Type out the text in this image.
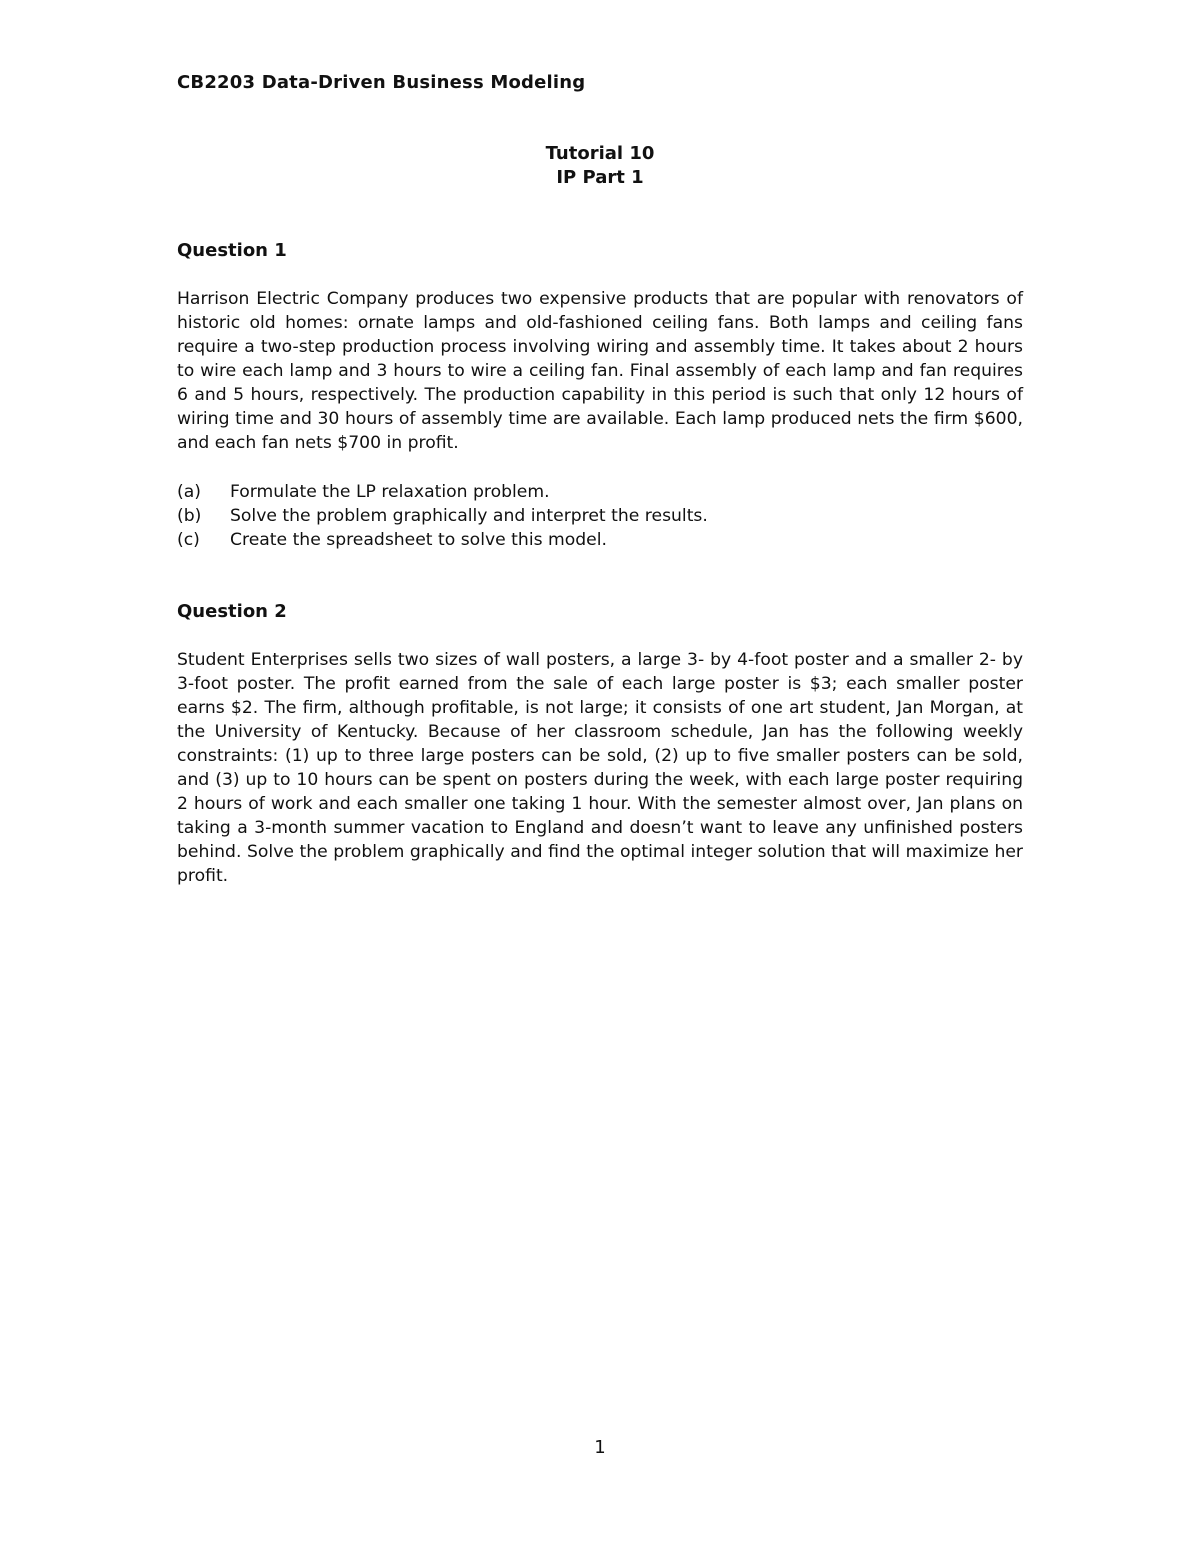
CB2203 Data-Driven Business Modeling
Tutorial 10
IP Part 1
Question 1
Harrison Electric Company produces two expensive products that are popular with renovators of historic old homes: ornate lamps and old-fashioned ceiling fans. Both lamps and ceiling fans require a two-step production process involving wiring and assembly time. It takes about 2 hours to wire each lamp and 3 hours to wire a ceiling fan. Final assembly of each lamp and fan requires 6 and 5 hours, respectively. The production capability in this period is such that only 12 hours of wiring time and 30 hours of assembly time are available. Each lamp produced nets the firm $600, and each fan nets $700 in profit.
(a)	Formulate the LP relaxation problem.
(b)	Solve the problem graphically and interpret the results.
(c)	Create the spreadsheet to solve this model.
Question 2
Student Enterprises sells two sizes of wall posters, a large 3- by 4-foot poster and a smaller 2- by 3-foot poster. The profit earned from the sale of each large poster is $3; each smaller poster earns $2. The firm, although profitable, is not large; it consists of one art student, Jan Morgan, at the University of Kentucky. Because of her classroom schedule, Jan has the following weekly constraints: (1) up to three large posters can be sold, (2) up to five smaller posters can be sold, and (3) up to 10 hours can be spent on posters during the week, with each large poster requiring 2 hours of work and each smaller one taking 1 hour. With the semester almost over, Jan plans on taking a 3-month summer vacation to England and doesn’t want to leave any unfinished posters behind. Solve the problem graphically and find the optimal integer solution that will maximize her profit.
1
